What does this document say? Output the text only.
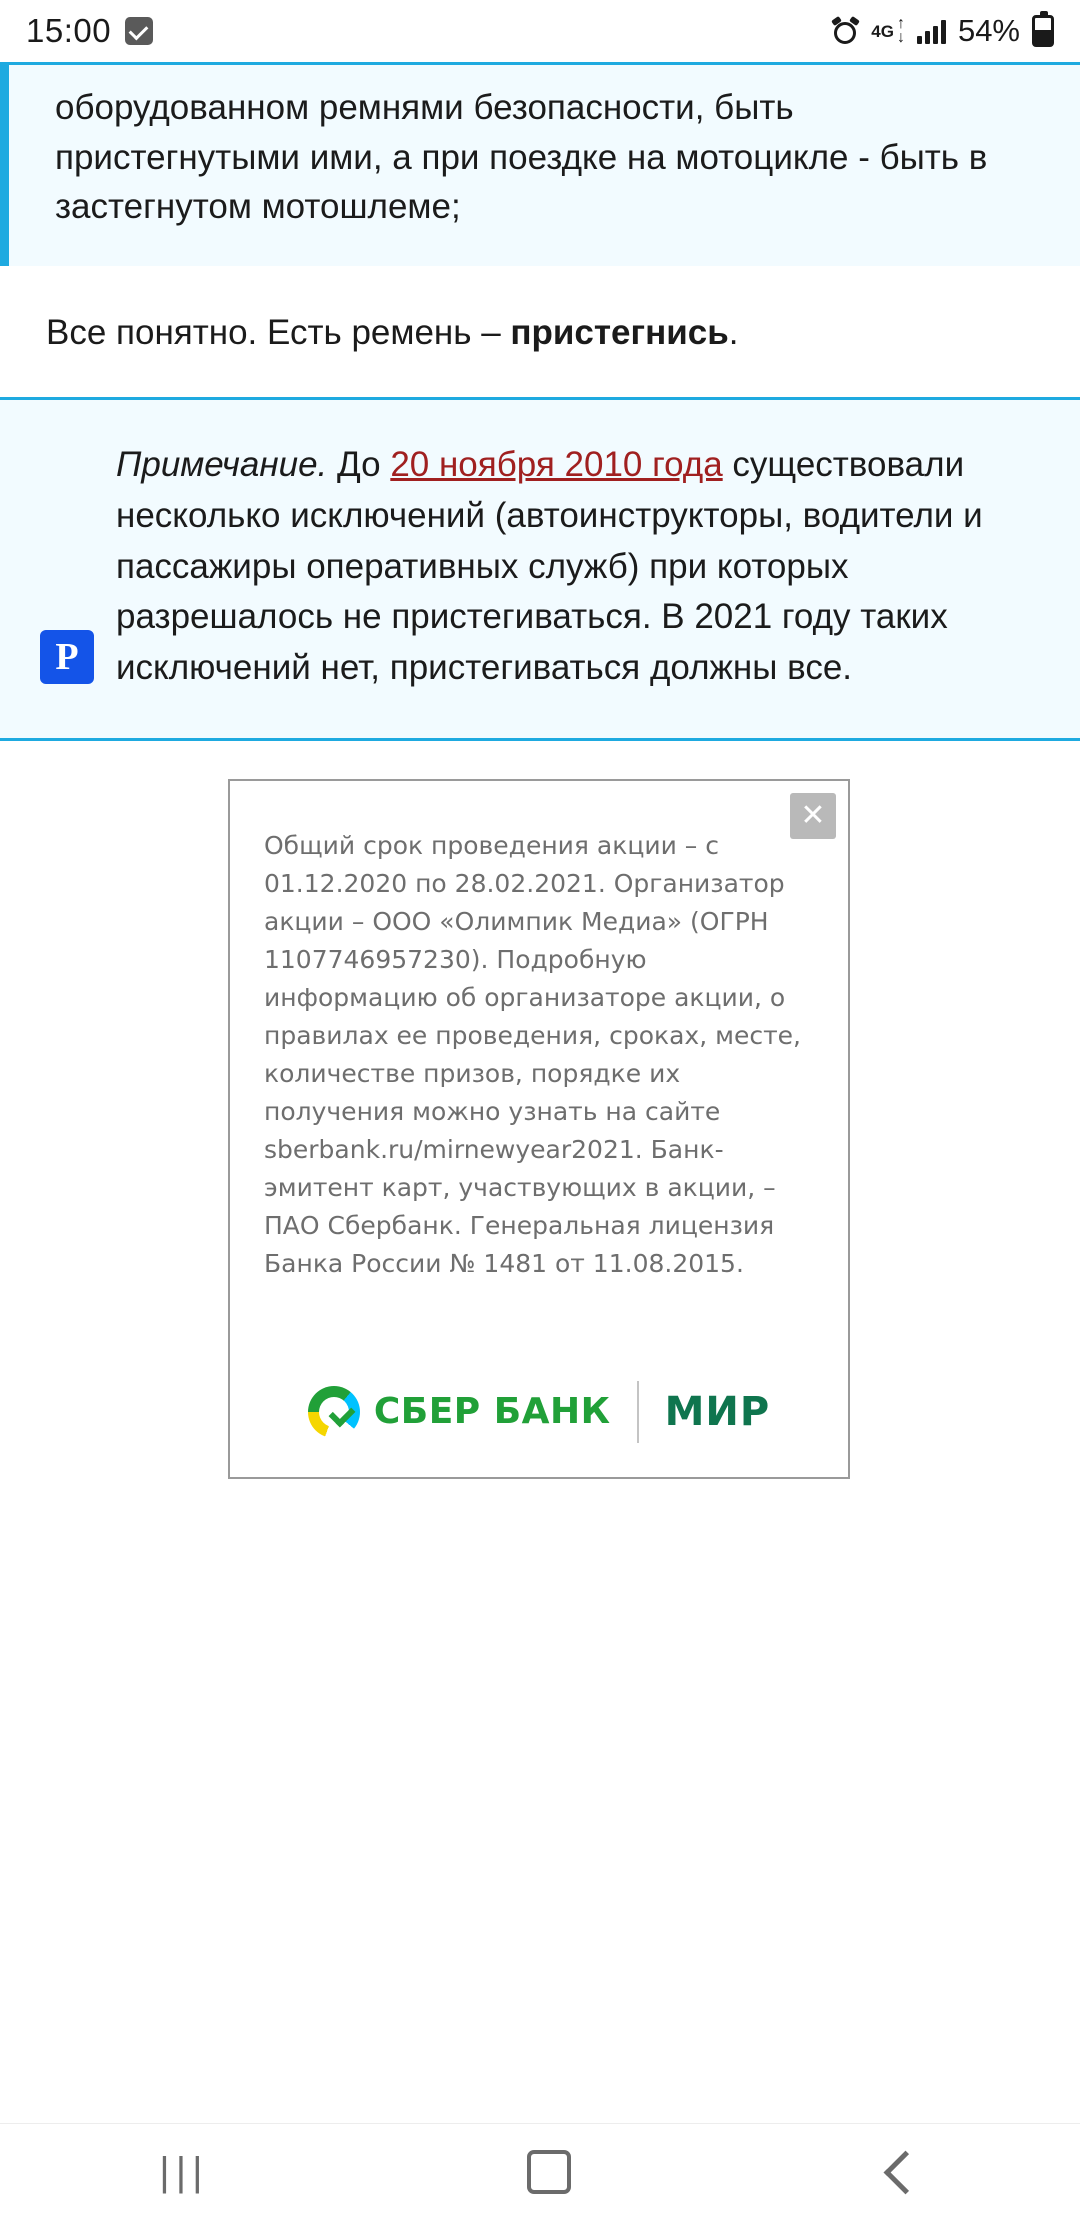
15:00	4G ↑
↓ 54%

оборудованном ремнями безопасности, быть пристегнутыми ими, а при поездке на мотоцикле - быть в застегнутом мотошлеме;

Все понятно. Есть ремень – пристегнись.
P
Примечание. До 20 ноября 2010 года существовали несколько исключений (автоинструкторы, водители и пассажиры оперативных служб) при которых разрешалось не пристегиваться. В 2021 году таких исключений нет, пристегиваться должны все.
✕
Общий срок проведения акции – с 01.12.2020 по 28.02.2021. Организатор акции – ООО «Олимпик Медиа» (ОГРН 1107746957230). Подробную информацию об организаторе акции, о правилах ее проведения, сроках, месте, количестве призов, порядке их получения можно узнать на сайте sberbank.ru/mirnewyear2021. Банк-эмитент карт, участвующих в акции, – ПАО Сбербанк. Генеральная лицензия Банка России № 1481 от 11.08.2015.
СБЕР БАНК МИР
|||
